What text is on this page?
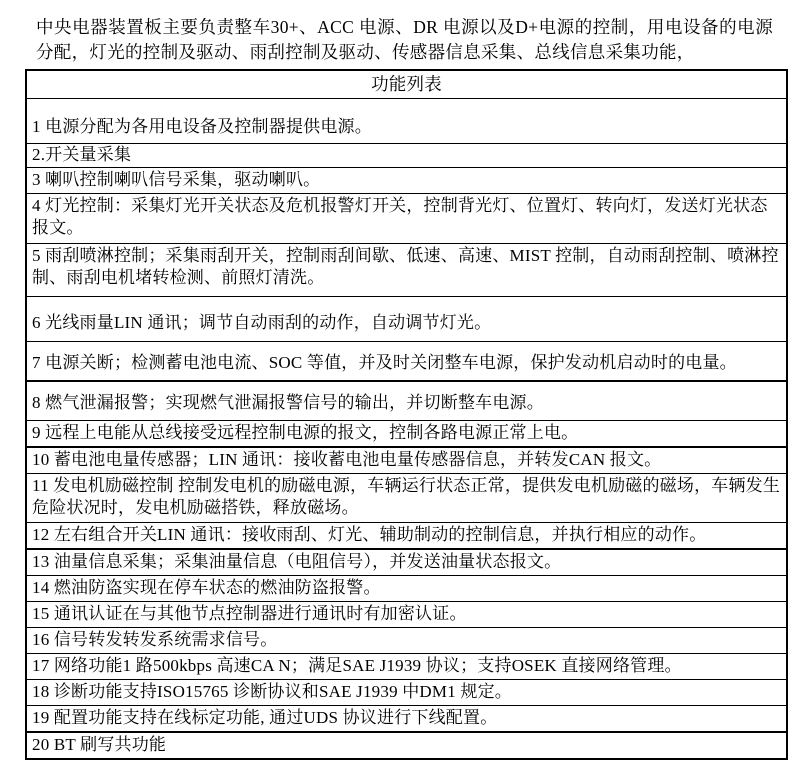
中央电器装置板主要负责整车30+、ACC 电源、DR 电源以及D+电源的控制，用电设备的电源分配，灯光的控制及驱动、雨刮控制及驱动、传感器信息采集、总线信息采集功能，

功能列表
1 电源分配为各用电设备及控制器提供电源。
2.开关量采集
3 喇叭控制喇叭信号采集，驱动喇叭。
4 灯光控制：采集灯光开关状态及危机报警灯开关，控制背光灯、位置灯、转向灯，发送灯光状态报文。
5 雨刮喷淋控制；采集雨刮开关，控制雨刮间歇、低速、高速、MIST 控制，自动雨刮控制、喷淋控制、雨刮电机堵转检测、前照灯清洗。
6 光线雨量LIN 通讯；调节自动雨刮的动作，自动调节灯光。
7 电源关断；检测蓄电池电流、SOC 等值，并及时关闭整车电源，保护发动机启动时的电量。
8 燃气泄漏报警；实现燃气泄漏报警信号的输出，并切断整车电源。
9 远程上电能从总线接受远程控制电源的报文，控制各路电源正常上电。
10 蓄电池电量传感器；LIN 通讯：接收蓄电池电量传感器信息，并转发CAN 报文。
11 发电机励磁控制 控制发电机的励磁电源，车辆运行状态正常，提供发电机励磁的磁场，车辆发生危险状况时，发电机励磁搭铁，释放磁场。
12 左右组合开关LIN 通讯：接收雨刮、灯光、辅助制动的控制信息，并执行相应的动作。
13 油量信息采集；采集油量信息（电阻信号），并发送油量状态报文。
14 燃油防盗实现在停车状态的燃油防盗报警。
15 通讯认证在与其他节点控制器进行通讯时有加密认证。
16 信号转发转发系统需求信号。
17 网络功能1 路500kbps 高速CA N；满足SAE J1939 协议；支持OSEK 直接网络管理。
18 诊断功能支持ISO15765 诊断协议和SAE J1939 中DM1 规定。
19 配置功能支持在线标定功能, 通过UDS 协议进行下线配置。
20 BT 刷写共功能
